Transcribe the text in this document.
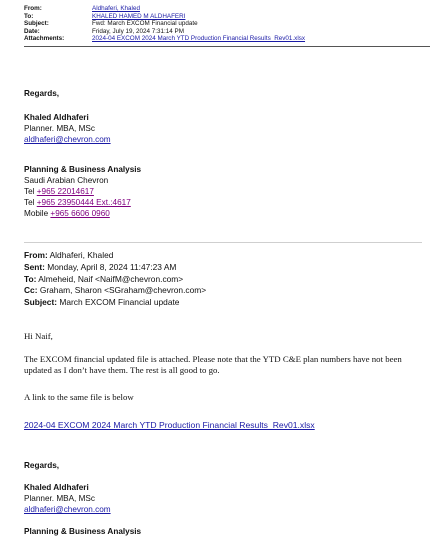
From:	Aldhaferi, Khaled
To:	KHALED HAMED M ALDHAFERI
Subject:	Fwd: March EXCOM Financial update
Date:	Friday, July 19, 2024 7:31:14 PM
Attachments:	2024-04 EXCOM 2024 March YTD Production Financial Results_Rev01.xlsx
Regards,
Khaled Aldhaferi
Planner. MBA, MSc
aldhaferi@chevron.com
Planning & Business Analysis
Saudi Arabian Chevron
Tel +965 22014617
Tel +965 23950444 Ext.:4617
Mobile +965 6606 0960
From: Aldhaferi, Khaled
Sent: Monday, April 8, 2024 11:47:23 AM
To: Almeheid, Naif <NaifM@chevron.com>
Cc: Graham, Sharon <SGraham@chevron.com>
Subject: March EXCOM Financial update
Hi Naif,
The EXCOM financial updated file is attached. Please note that the YTD C&E plan numbers have not been updated as I don’t have them. The rest is all good to go.
A link to the same file is below
2024-04 EXCOM 2024 March YTD Production Financial Results_Rev01.xlsx
Regards,
Khaled Aldhaferi
Planner. MBA, MSc
aldhaferi@chevron.com
Planning & Business Analysis
